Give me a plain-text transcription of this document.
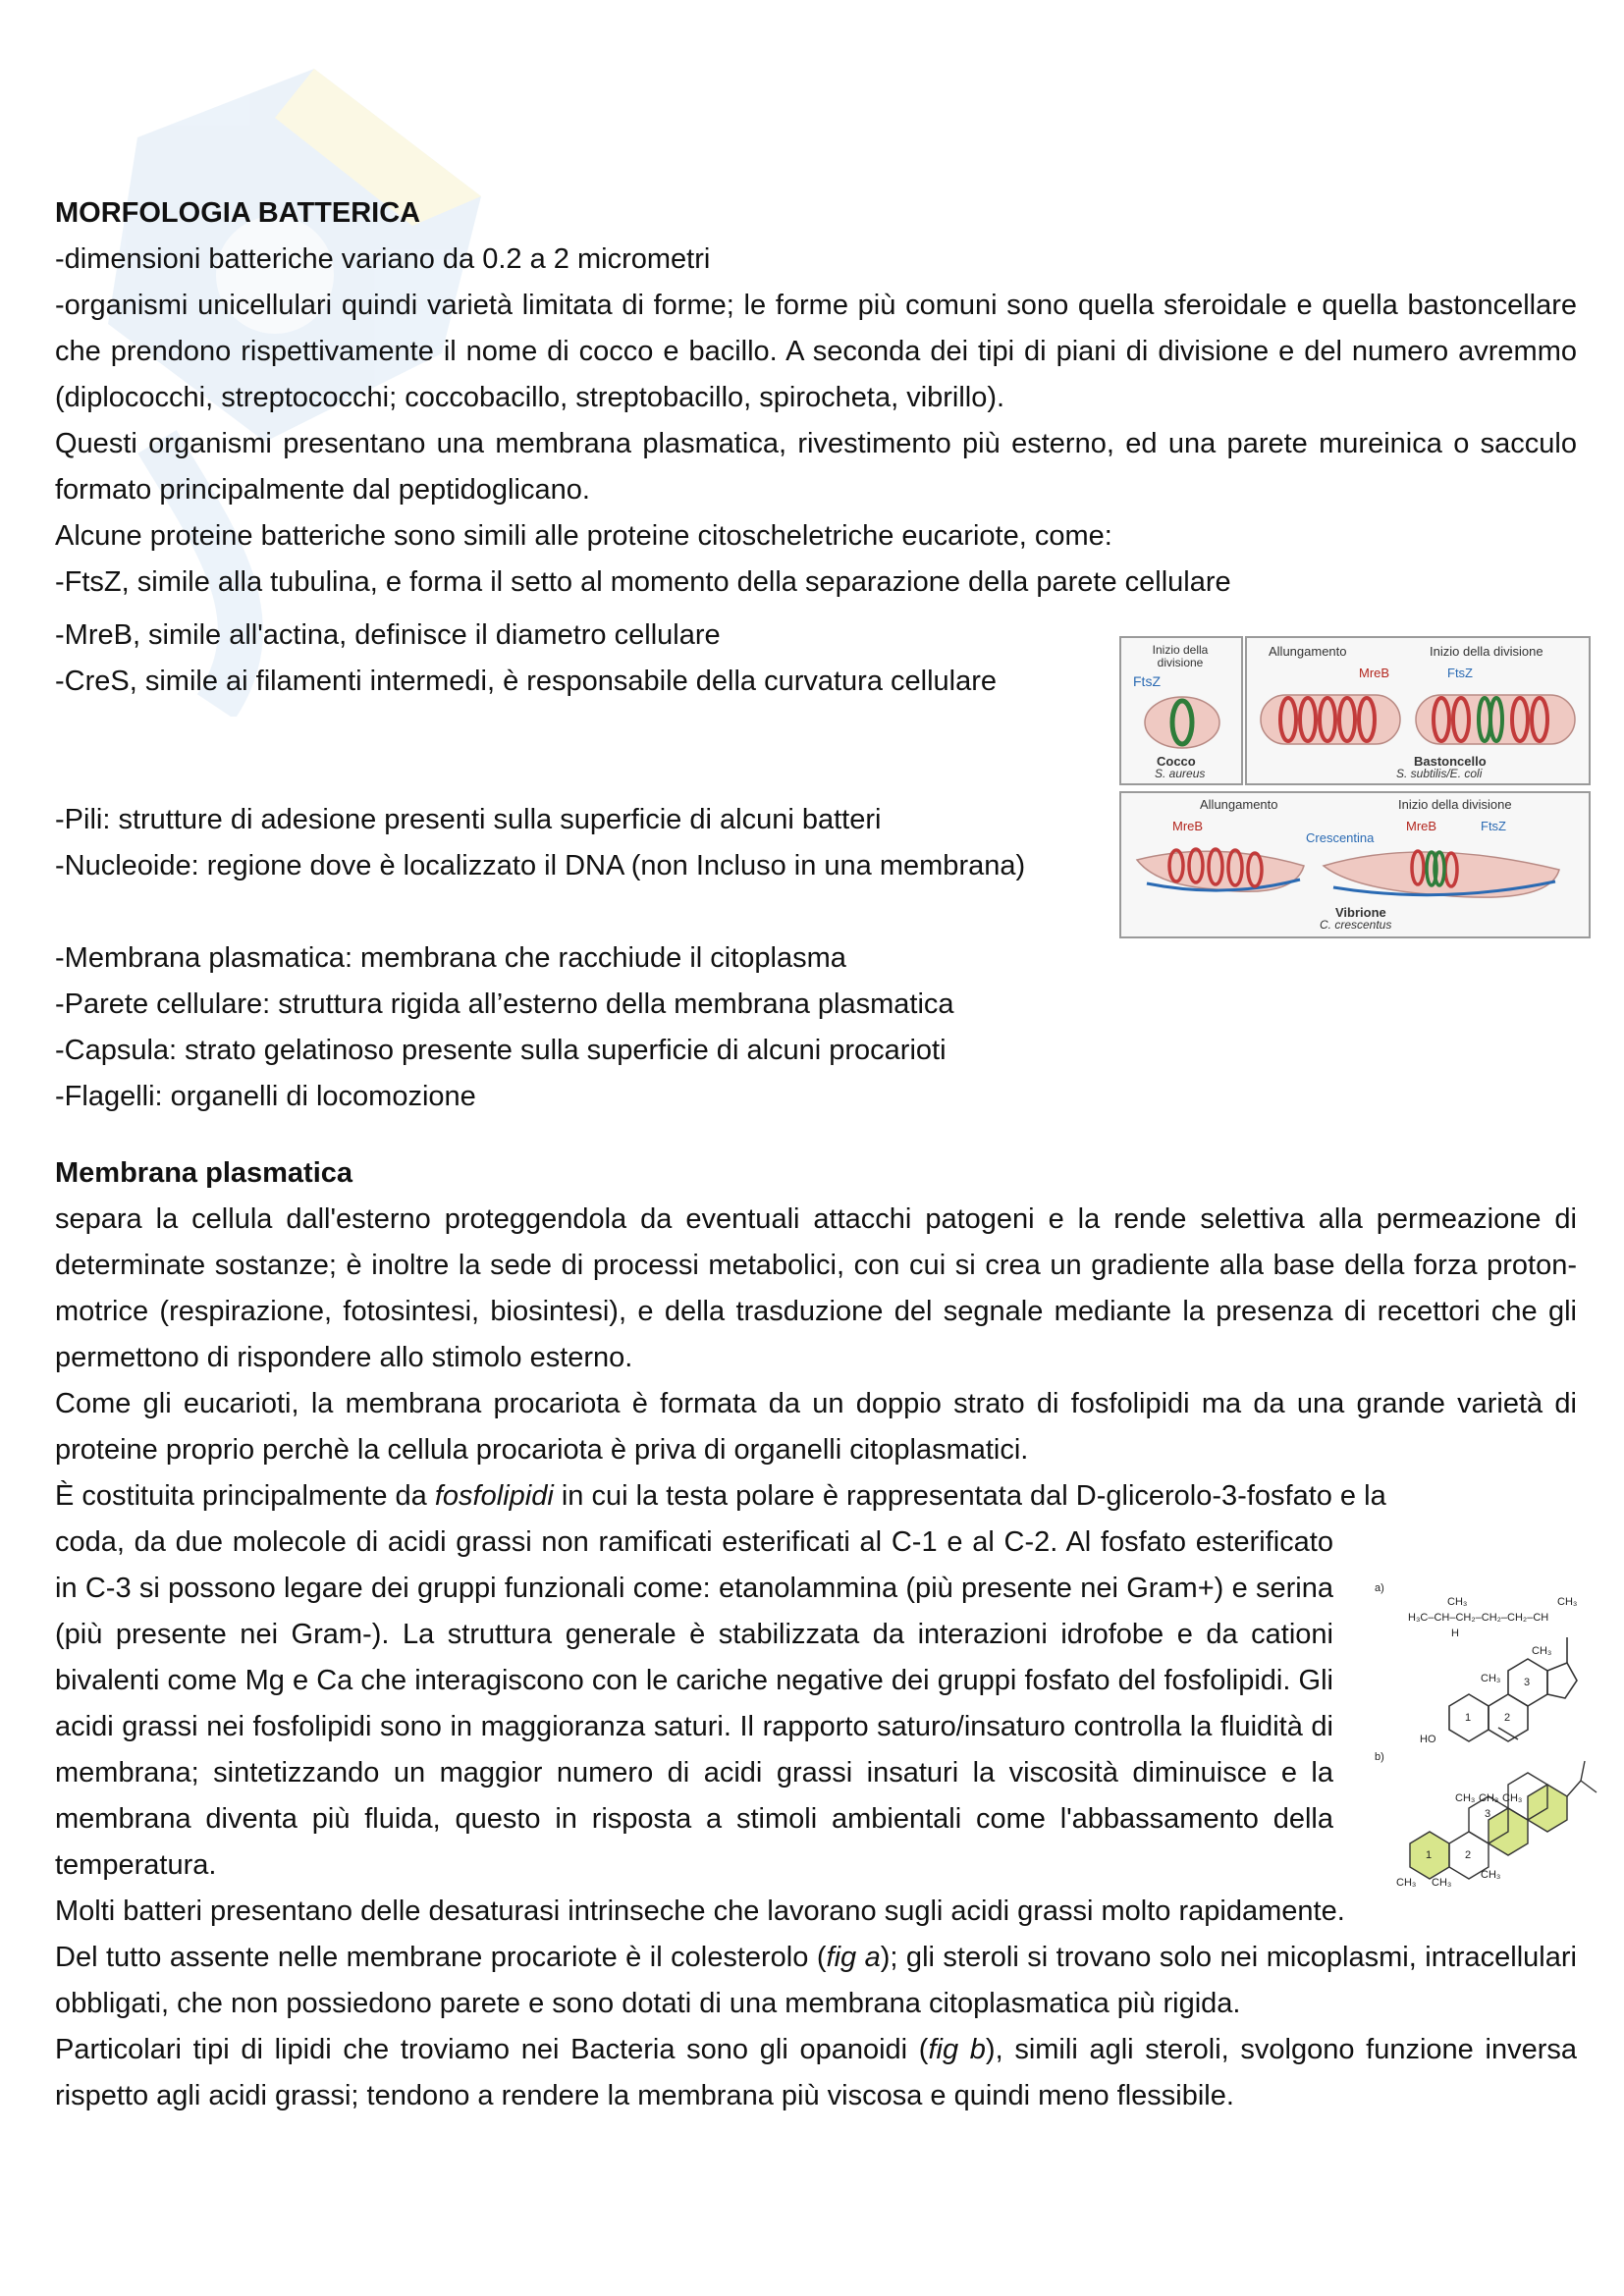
MORFOLOGIA BATTERICA

-dimensioni batteriche variano da 0.2 a 2 micrometri

-organismi unicellulari quindi varietà limitata di forme; le forme più comuni sono quella sferoidale e quella bastoncellare che prendono rispettivamente il nome di cocco e bacillo. A seconda dei tipi di piani di divisione e del numero avremmo (diplococchi, streptococchi; coccobacillo, streptobacillo, spirocheta, vibrillo).

Questi organismi presentano una membrana plasmatica, rivestimento più esterno, ed una parete mureinica o sacculo formato principalmente dal peptidoglicano.

Alcune proteine batteriche sono simili alle proteine citoscheletriche eucariote, come:

-FtsZ, simile alla tubulina, e forma il setto al momento della separazione della parete cellulare

-MreB, simile all'actina, definisce il diametro cellulare

-CreS, simile ai filamenti intermedi, è responsabile della curvatura cellulare

-Pili: strutture di adesione presenti sulla superficie di alcuni batteri

-Nucleoide: regione dove è localizzato il DNA (non Incluso in una membrana)

-Membrana plasmatica: membrana che racchiude il citoplasma

-Parete cellulare: struttura rigida all’esterno della membrana plasmatica

-Capsula: strato gelatinoso presente sulla superficie di alcuni procarioti

-Flagelli: organelli di locomozione

Inizio della divisione
FtsZ
Cocco
S. aureus
Allungamento	Inizio della divisione
MreB	FtsZ
Bastoncello
S. subtilis/E. coli
Allungamento	Inizio della divisione
MreB
Crescentina
MreB	FtsZ
Vibrione
C. crescentus

Membrana plasmatica

separa la cellula dall'esterno proteggendola da eventuali attacchi patogeni e la rende selettiva alla permeazione di determinate sostanze; è inoltre la sede di processi metabolici, con cui si crea un gradiente alla base della forza proton-motrice (respirazione, fotosintesi, biosintesi), e della trasduzione del segnale mediante la presenza di recettori che gli permettono di rispondere allo stimolo esterno.

Come gli eucarioti, la membrana procariota è formata da un doppio strato di fosfolipidi ma da una grande varietà di proteine proprio perchè la cellula procariota è priva di organelli citoplasmatici.

È costituita principalmente da fosfolipidi in cui la testa polare è rappresentata dal D-glicerolo-3-fosfato e la

coda, da due molecole di acidi grassi non ramificati esterificati al C-1 e al C-2. Al fosfato esterificato in C-3 si possono legare dei gruppi funzionali come: etanolammina (più presente nei Gram+) e serina (più presente nei Gram-). La struttura generale è stabilizzata da interazioni idrofobe e da cationi bivalenti come Mg e Ca che interagiscono con le cariche negative dei gruppi fosfato del fosfolipidi. Gli acidi grassi nei fosfolipidi sono in maggioranza saturi. Il rapporto saturo/insaturo controlla la fluidità di membrana; sintetizzando un maggior numero di acidi grassi insaturi la viscosità diminuisce e la membrana diventa più fluida, questo in risposta a stimoli ambientali come l'abbassamento della temperatura.

Molti batteri presentano delle desaturasi intrinseche che lavorano sugli acidi grassi molto rapidamente.

Del tutto assente nelle membrane procariote è il colesterolo (fig a); gli steroli si trovano solo nei micoplasmi, intracellulari obbligati, che non possiedono parete e sono dotati di una membrana citoplasmatica più rigida.

Particolari tipi di lipidi che troviamo nei Bacteria sono gli opanoidi (fig b), simili agli steroli, svolgono funzione inversa rispetto agli acidi grassi; tendono a rendere la membrana più viscosa e quindi meno flessibile.

a)
H₃C–CH–CH₂–CH₂–CH₂–CH
CH₃	CH₃
H
CH₃
CH₃ 3
1	2
HO
b)
CH₃ CH₃ CH₃
3
1	2
CH₃
CH₃ CH₃
